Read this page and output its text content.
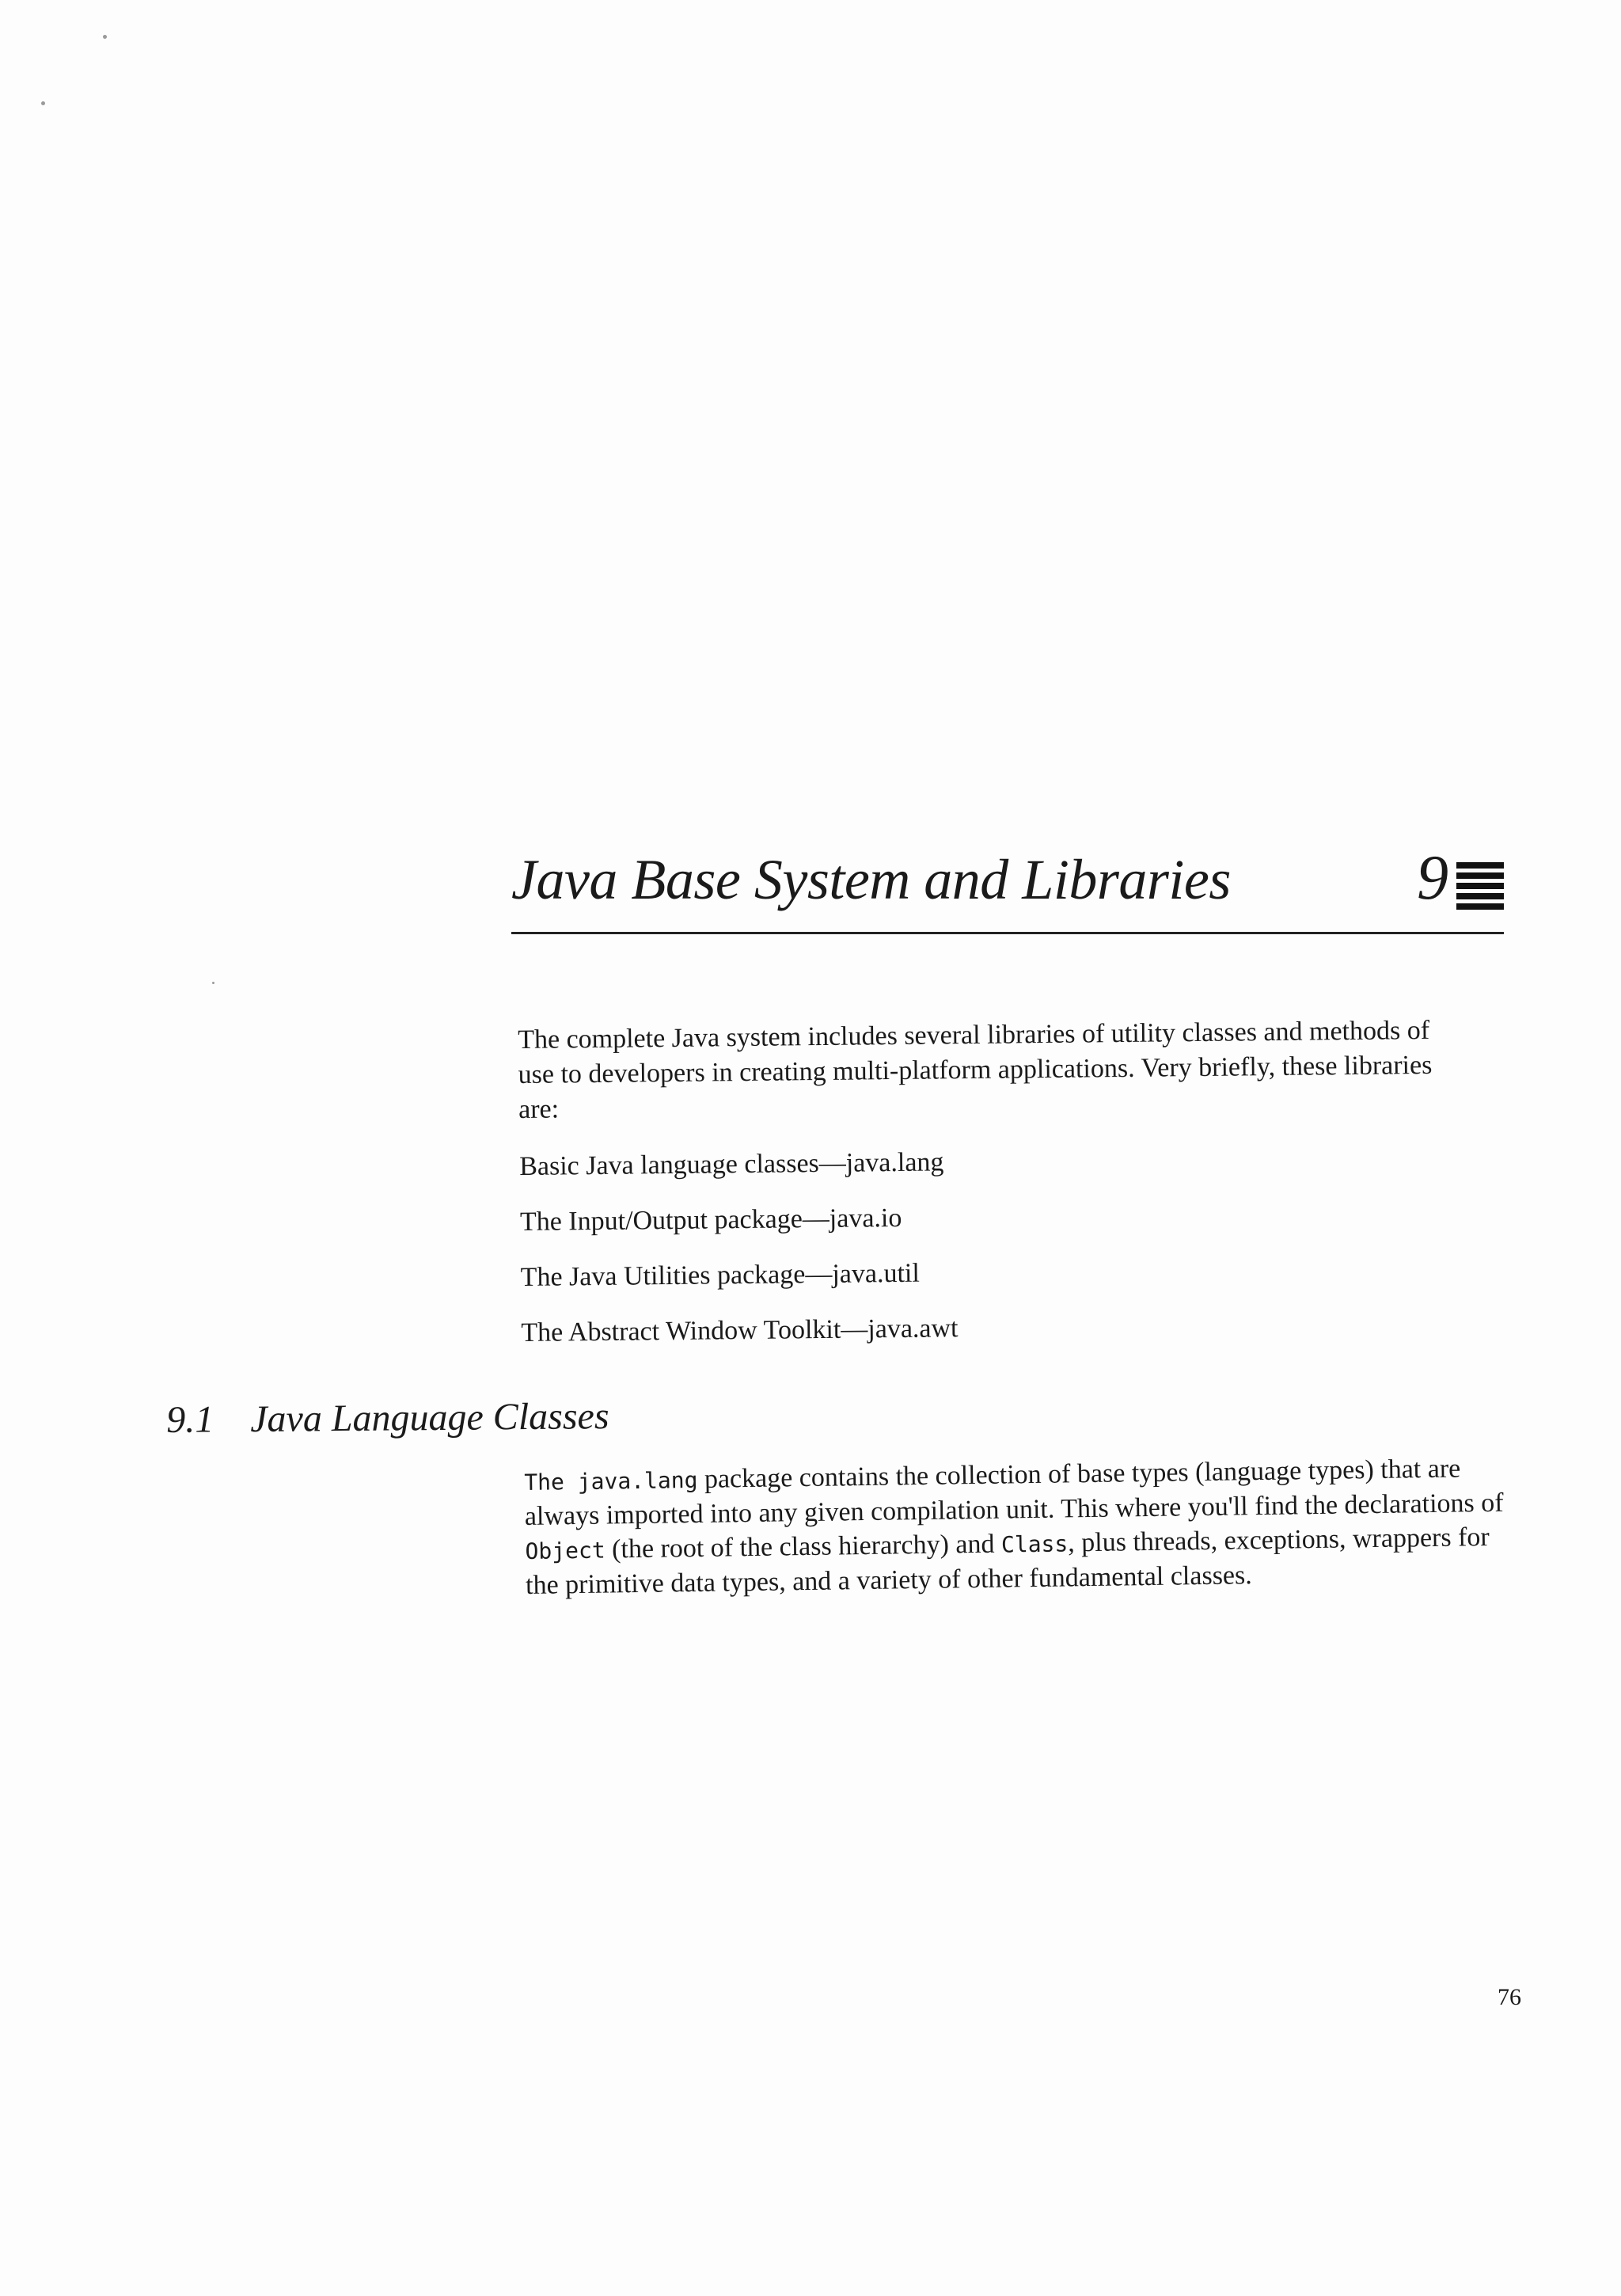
Java Base System and Libraries	9

The complete Java system includes several libraries of utility classes and methods of use to developers in creating multi-platform applications. Very briefly, these libraries are:

Basic Java language classes—java.lang
The Input/Output package—java.io
The Java Utilities package—java.util
The Abstract Window Toolkit—java.awt
9.1 Java Language Classes

The java.lang package contains the collection of base types (language types) that are always imported into any given compilation unit. This where you'll find the declarations of Object (the root of the class hierarchy) and Class, plus threads, exceptions, wrappers for the primitive data types, and a variety of other fundamental classes.

76
